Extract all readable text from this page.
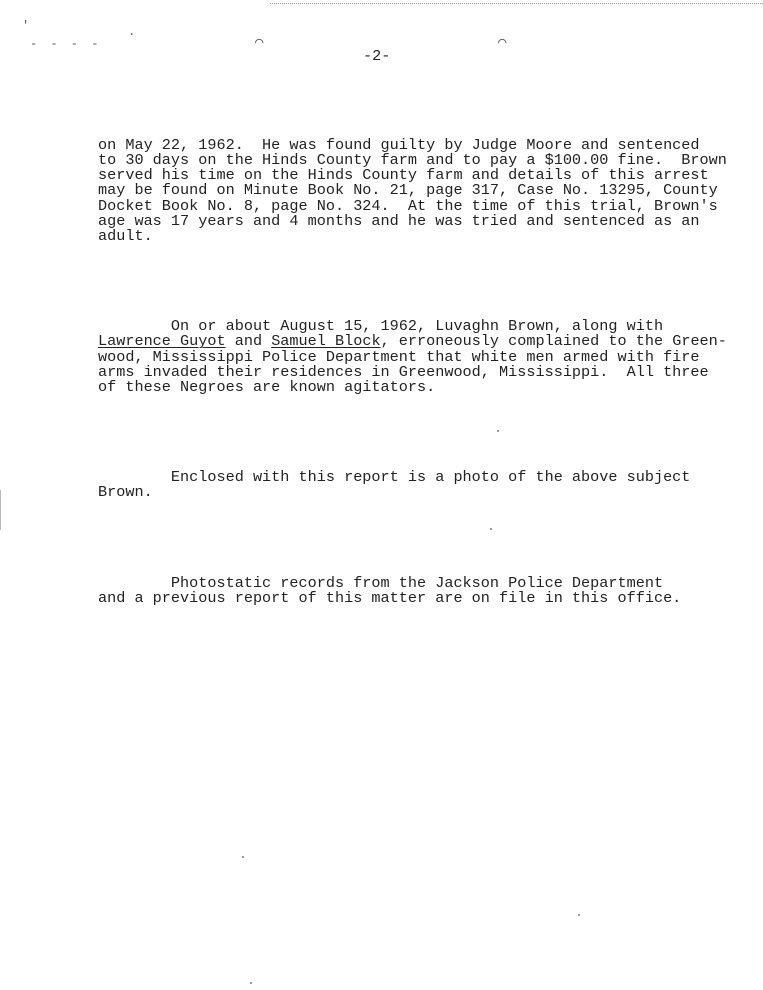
'
- - - -
.
⌒	⌒
-2-

on May 22, 1962.  He was found guilty by Judge Moore and sentenced
to 30 days on the Hinds County farm and to pay a $100.00 fine.  Brown
served his time on the Hinds County farm and details of this arrest
may be found on Minute Book No. 21, page 317, Case No. 13295, County
Docket Book No. 8, page No. 324.  At the time of this trial, Brown's
age was 17 years and 4 months and he was tried and sentenced as an
adult.

On or about August 15, 1962, Luvaghn Brown, along with
Lawrence Guyot and Samuel Block, erroneously complained to the Green-
wood, Mississippi Police Department that white men armed with fire
arms invaded their residences in Greenwood, Mississippi.  All three
of these Negroes are known agitators.

Enclosed with this report is a photo of the above subject
Brown.

Photostatic records from the Jackson Police Department
and a previous report of this matter are on file in this office.
